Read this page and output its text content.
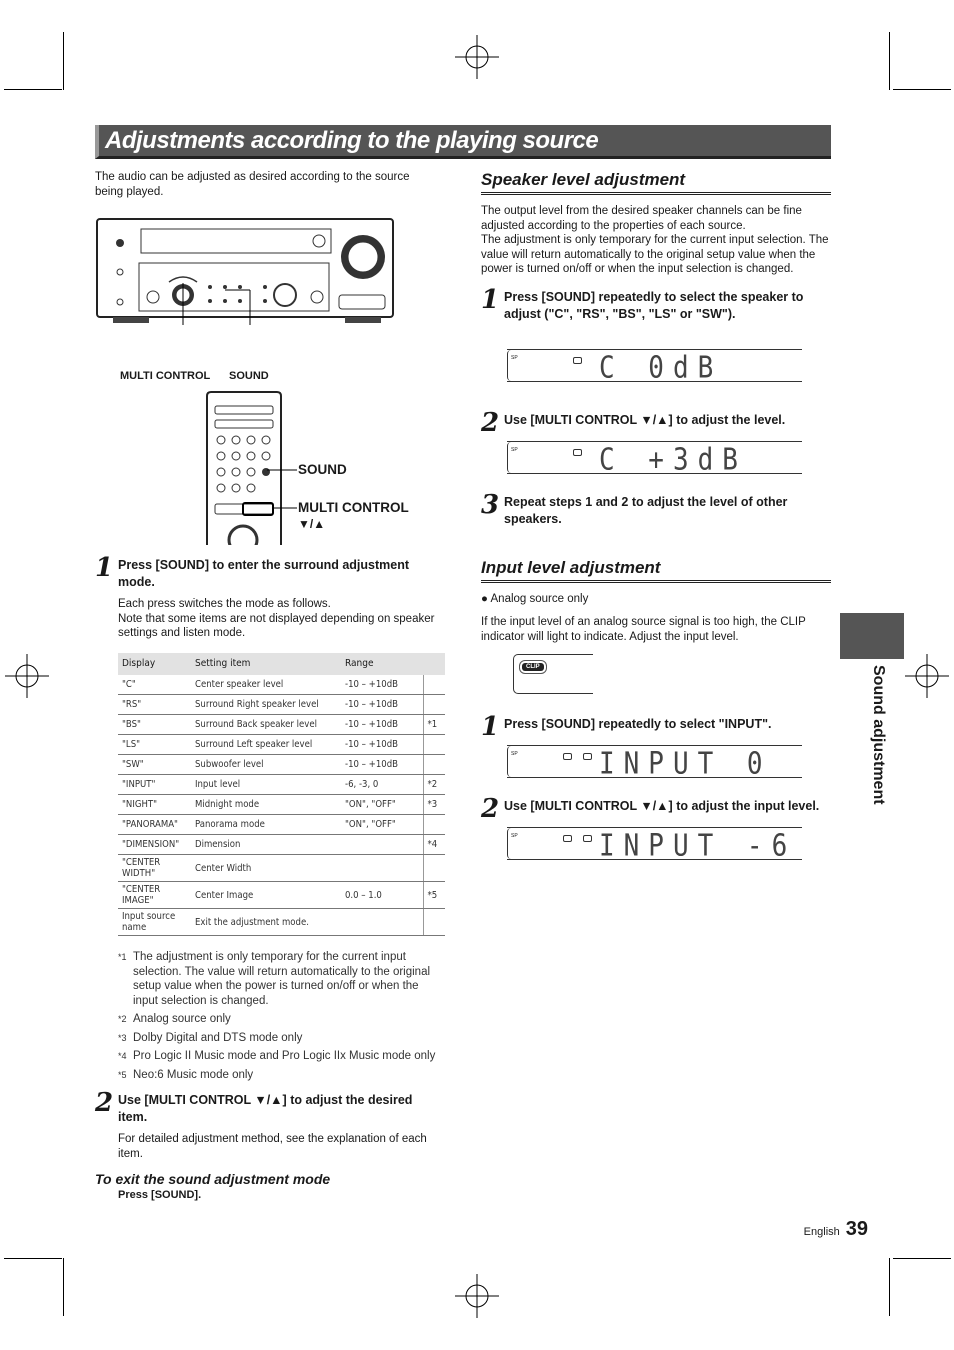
Adjustments according to the playing source

The audio can be adjusted as desired according to the source being played.

MULTI CONTROL SOUND
SOUND
MULTI CONTROL
▼/▲
1 Press [SOUND] to enter the surround adjustment mode.

Each press switches the mode as follows.
Note that some items are not displayed depending on speaker settings and listen mode.

Display	Setting item	Range	
"C"	Center speaker level	-10 – +10dB	
"RS"	Surround Right speaker level	-10 – +10dB	
"BS"	Surround Back speaker level	-10 – +10dB	*1
"LS"	Surround Left speaker level	-10 – +10dB	
"SW"	Subwoofer level	-10 – +10dB	
"INPUT"	Input level	-6, -3, 0	*2
"NIGHT"	Midnight mode	"ON", "OFF"	*3
"PANORAMA"	Panorama mode	"ON", "OFF"	
"DIMENSION"	Dimension		*4
"CENTER WIDTH"	Center Width		
"CENTER IMAGE"	Center Image	0.0 – 1.0	*5
Input source name	Exit the adjustment mode.		
*1 The adjustment is only temporary for the current input selection. The value will return automatically to the original setup value when the power is turned on/off or when the input selection is changed.
*2 Analog source only
*3 Dolby Digital and DTS mode only
*4 Pro Logic II Music mode and Pro Logic IIx Music mode only
*5 Neo:6 Music mode only
2 Use [MULTI CONTROL ▼/▲] to adjust the desired item.

For detailed adjustment method, see the explanation of each item.

To exit the sound adjustment mode

Press [SOUND].

Speaker level adjustment

The output level from the desired speaker channels can be fine adjusted according to the properties of each source.
The adjustment is only temporary for the current input selection. The value will return automatically to the original setup value when the power is turned on/off or when the input selection is changed.

1 Press [SOUND] repeatedly to select the speaker to adjust ("C", "RS", "BS", "LS" or "SW").

SP	C 0dB
2 Use [MULTI CONTROL ▼/▲] to adjust the level.

SP	C +3dB
3 Repeat steps 1 and 2 to adjust the level of other speakers.

Input level adjustment

● Analog source only

If the input level of an analog source signal is too high, the CLIP indicator will light to indicate. Adjust the input level.

CLIP
1 Press [SOUND] repeatedly to select "INPUT".

SP	INPUT 0
2 Use [MULTI CONTROL ▼/▲] to adjust the input level.

SP	INPUT -6
Sound adjustment
English 39
